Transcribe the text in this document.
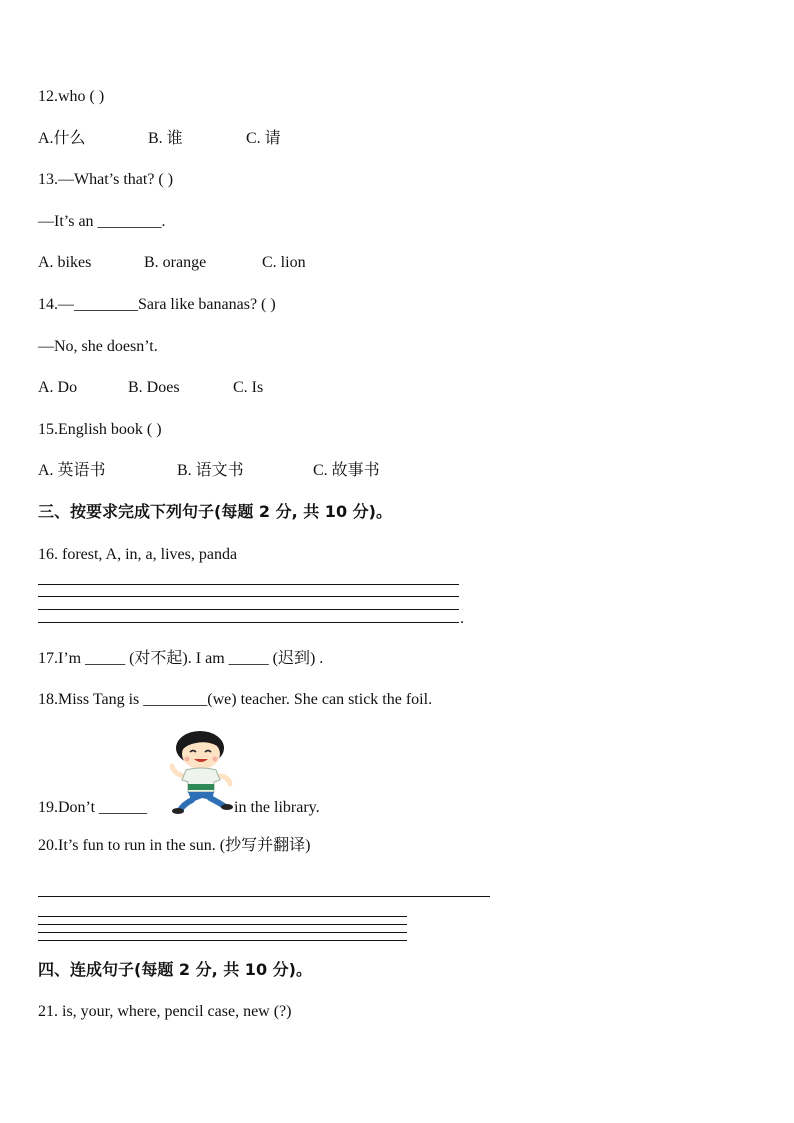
12.who ( )
A.什么	B. 谁	C. 请
13.—What’s that? ( )
—It’s an ________.
A. bikes	B. orange	C. lion
14.—________Sara like bananas? ( )
—No, she doesn’t.
A. Do	B. Does	C. Is
15.English book ( )
A. 英语书	B. 语文书	C. 故事书
三、按要求完成下列句子(每题 2 分, 共 10 分)。
16. forest, A, in, a, lives, panda
.
17.I’m _____ (对不起). I am _____ (迟到) .
18.Miss Tang is ________(we) teacher. She can stick the foil.
19.Don’t ______	in the library.
20.It’s fun to run in the sun. (抄写并翻译)
四、连成句子(每题 2 分, 共 10 分)。
21. is, your, where, pencil case, new (?)
